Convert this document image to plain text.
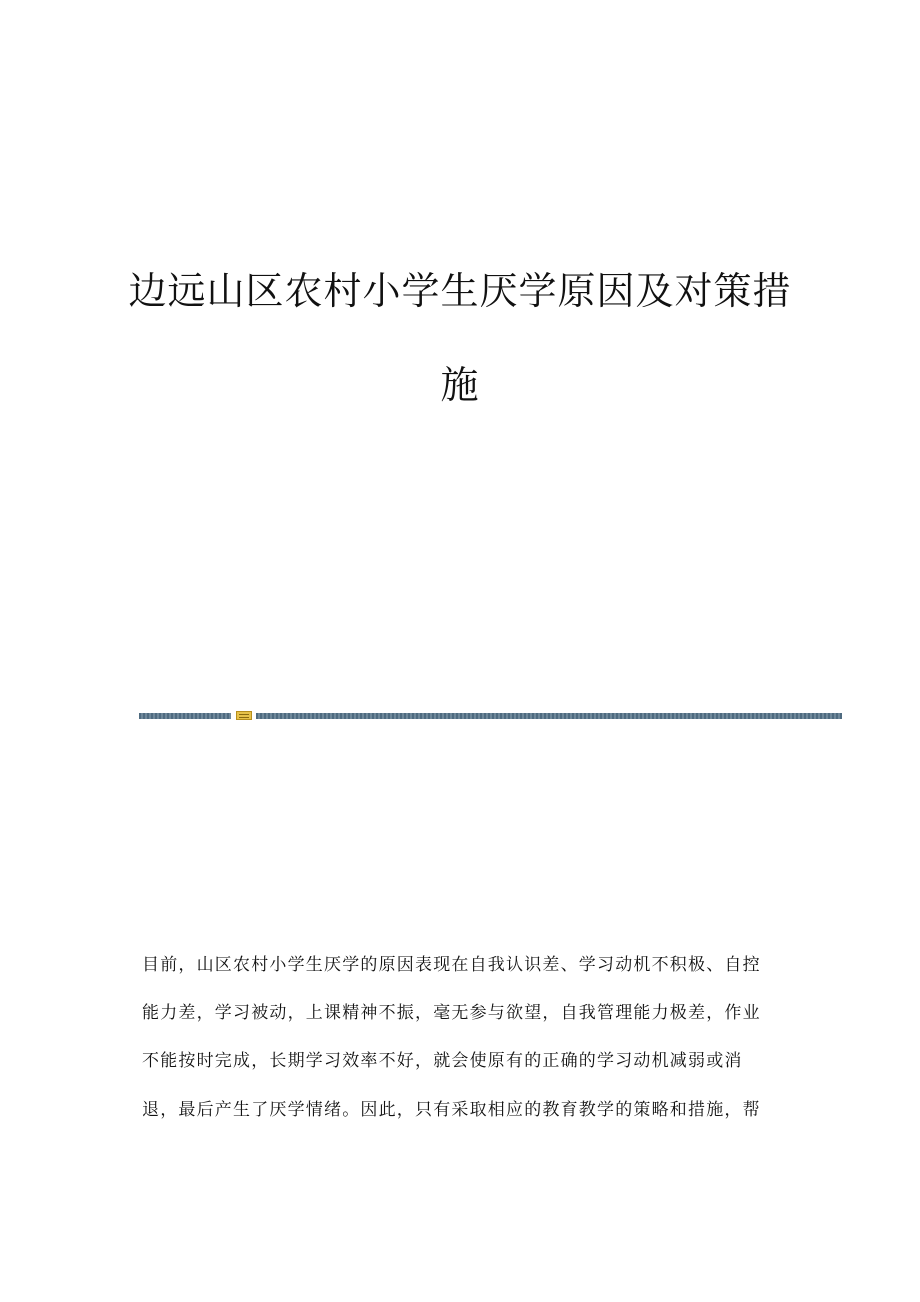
边远山区农村小学生厌学原因及对策措
施
目前，山区农村小学生厌学的原因表现在自我认识差、学习动机不积极、自控
能力差，学习被动，上课精神不振，毫无参与欲望，自我管理能力极差，作业
不能按时完成，长期学习效率不好，就会使原有的正确的学习动机减弱或消
退，最后产生了厌学情绪。因此，只有采取相应的教育教学的策略和措施，帮
